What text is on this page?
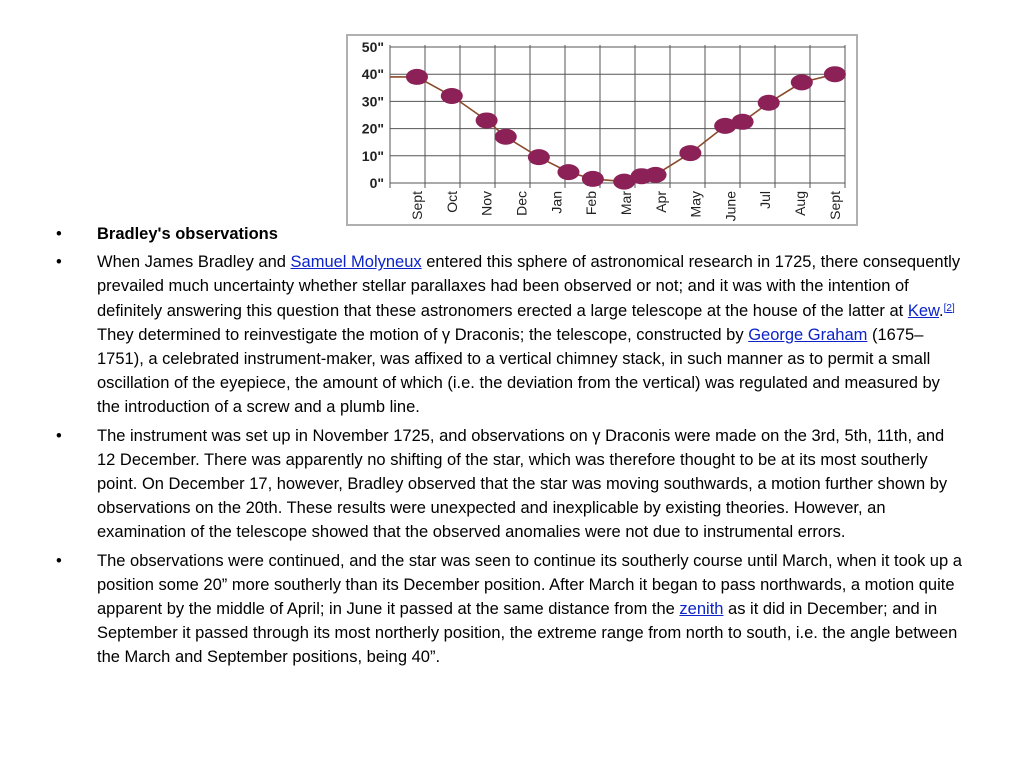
50"
40"
30"
20"
10"
0"
Sept Oct Nov Dec Jan Feb Mar Apr May June Jul Aug Sept
• Bradley's observations
• When James Bradley and Samuel Molyneux entered this sphere of astronomical research in 1725, there consequently prevailed much uncertainty whether stellar parallaxes had been observed or not; and it was with the intention of definitely answering this question that these astronomers erected a large telescope at the house of the latter at Kew.[2] They determined to reinvestigate the motion of γ Draconis; the telescope, constructed by George Graham (1675–1751), a celebrated instrument-maker, was affixed to a vertical chimney stack, in such manner as to permit a small oscillation of the eyepiece, the amount of which (i.e. the deviation from the vertical) was regulated and measured by the introduction of a screw and a plumb line.
• The instrument was set up in November 1725, and observations on γ Draconis were made on the 3rd, 5th, 11th, and 12 December. There was apparently no shifting of the star, which was therefore thought to be at its most southerly point. On December 17, however, Bradley observed that the star was moving southwards, a motion further shown by observations on the 20th. These results were unexpected and inexplicable by existing theories. However, an examination of the telescope showed that the observed anomalies were not due to instrumental errors.
• The observations were continued, and the star was seen to continue its southerly course until March, when it took up a position some 20” more southerly than its December position. After March it began to pass northwards, a motion quite apparent by the middle of April; in June it passed at the same distance from the zenith as it did in December; and in September it passed through its most northerly position, the extreme range from north to south, i.e. the angle between the March and September positions, being 40”.
